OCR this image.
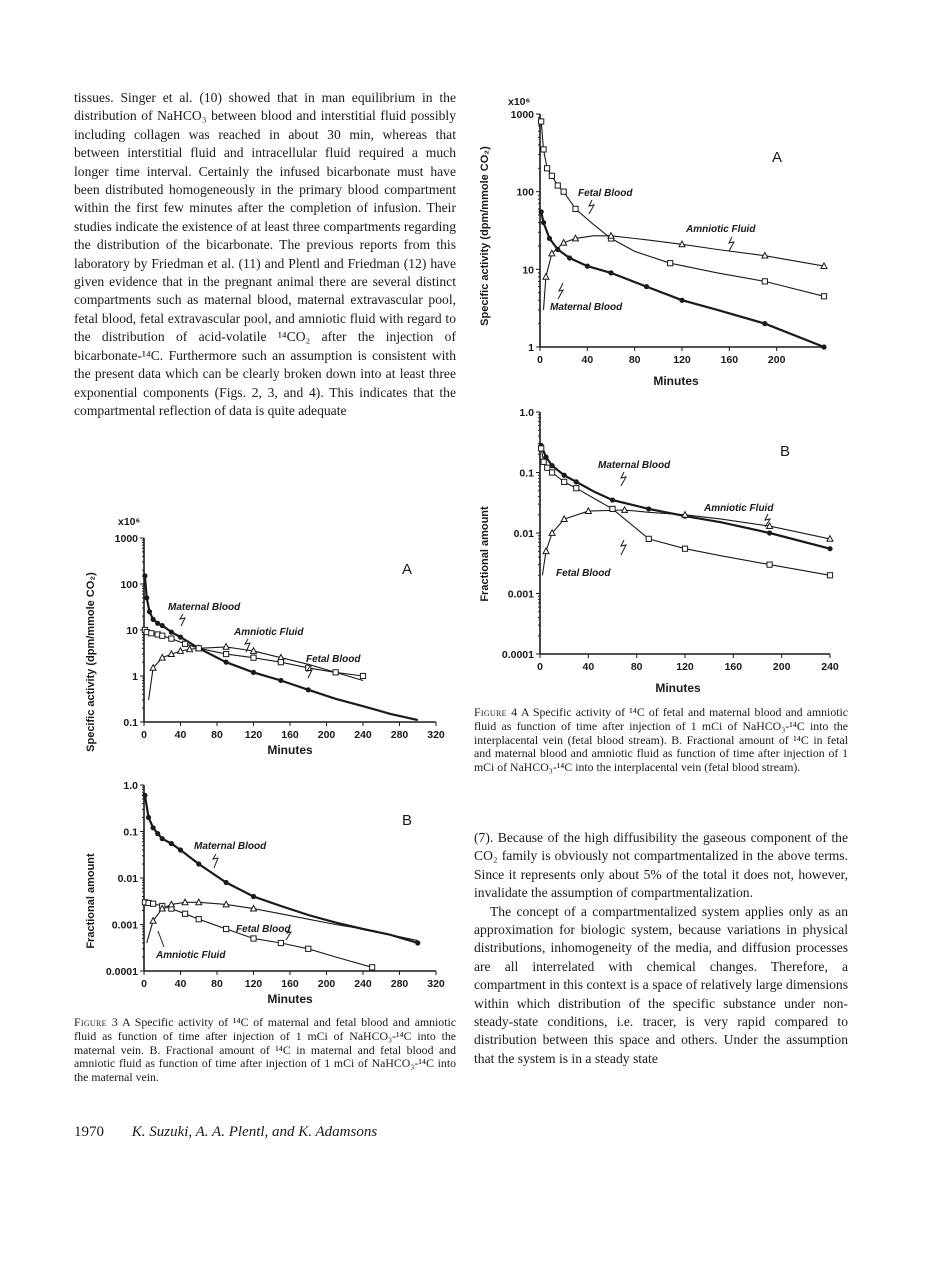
tissues. Singer et al. (10) showed that in man equilibrium in the distribution of NaHCO₃ between blood and interstitial fluid possibly including collagen was reached in about 30 min, whereas that between interstitial fluid and intracellular fluid required a much longer time interval. Certainly the infused bicarbonate must have been distributed homogeneously in the primary blood compartment within the first few minutes after the completion of infusion. Their studies indicate the existence of at least three compartments regarding the distribution of the bicarbonate. The previous reports from this laboratory by Friedman et al. (11) and Plentl and Friedman (12) have given evidence that in the pregnant animal there are several distinct compartments such as maternal blood, maternal extravascular pool, fetal blood, fetal extravascular pool, and amniotic fluid with regard to the distribution of acid-volatile ¹⁴CO₂ after the injection of bicarbonate-¹⁴C. Furthermore such an assumption is consistent with the present data which can be clearly broken down into at least three exponential components (Figs. 2, 3, and 4). This indicates that the compartmental reflection of data is quite adequate

Specific activity (dpm/mmole CO₂)
x10⁶
A
0	40 80 120 160 200 240 280 320
0.1
1
10
100
1000
Minutes
Maternal Blood
Amniotic Fluid
Fetal Blood
Fractional amount
B
0	40 80 120 160 200 240 280 320
0.0001
0.001
0.01
0.1
1.0
Minutes
Maternal Blood
Fetal Blood
Amniotic Fluid

Figure 3 A Specific activity of ¹⁴C of maternal and fetal blood and amniotic fluid as function of time after injection of 1 mCi of NaHCO₃-¹⁴C into the maternal vein. B. Fractional amount of ¹⁴C in maternal and fetal blood and amniotic fluid as function of time after injection of 1 mCi of NaHCO₃-¹⁴C into the maternal vein.

Specific activity (dpm/mmole CO₂)
x10⁶
A
0	40	80	120	160	200
1
10
100
1000
Minutes
Fetal Blood
Amniotic Fluid
Maternal Blood
Fractional amount
B
0	40	80	120	160	200	240
0.0001
0.001
0.01
0.1
1.0
Minutes
Maternal Blood
Amniotic Fluid
Fetal Blood

Figure 4 A Specific activity of ¹⁴C of fetal and maternal blood and amniotic fluid as function of time after injection of 1 mCi of NaHCO₃-¹⁴C into the interplacental vein (fetal blood stream). B. Fractional amount of ¹⁴C in fetal and maternal blood and amniotic fluid as function of time after injection of 1 mCi of NaHCO₃-¹⁴C into the interplacental vein (fetal blood stream).

(7). Because of the high diffusibility the gaseous component of the CO₂ family is obviously not compartmentalized in the above terms. Since it represents only about 5% of the total it does not, however, invalidate the assumption of compartmentalization.

The concept of a compartmentalized system applies only as an approximation for biologic system, because variations in physical distributions, inhomogeneity of the media, and diffusion processes are all interrelated with chemical changes. Therefore, a compartment in this context is a space of relatively large dimensions within which distribution of the specific substance under non-steady-state conditions, i.e. tracer, is very rapid compared to distribution between this space and others. Under the assumption that the system is in a steady state

1970 K. Suzuki, A. A. Plentl, and K. Adamsons
